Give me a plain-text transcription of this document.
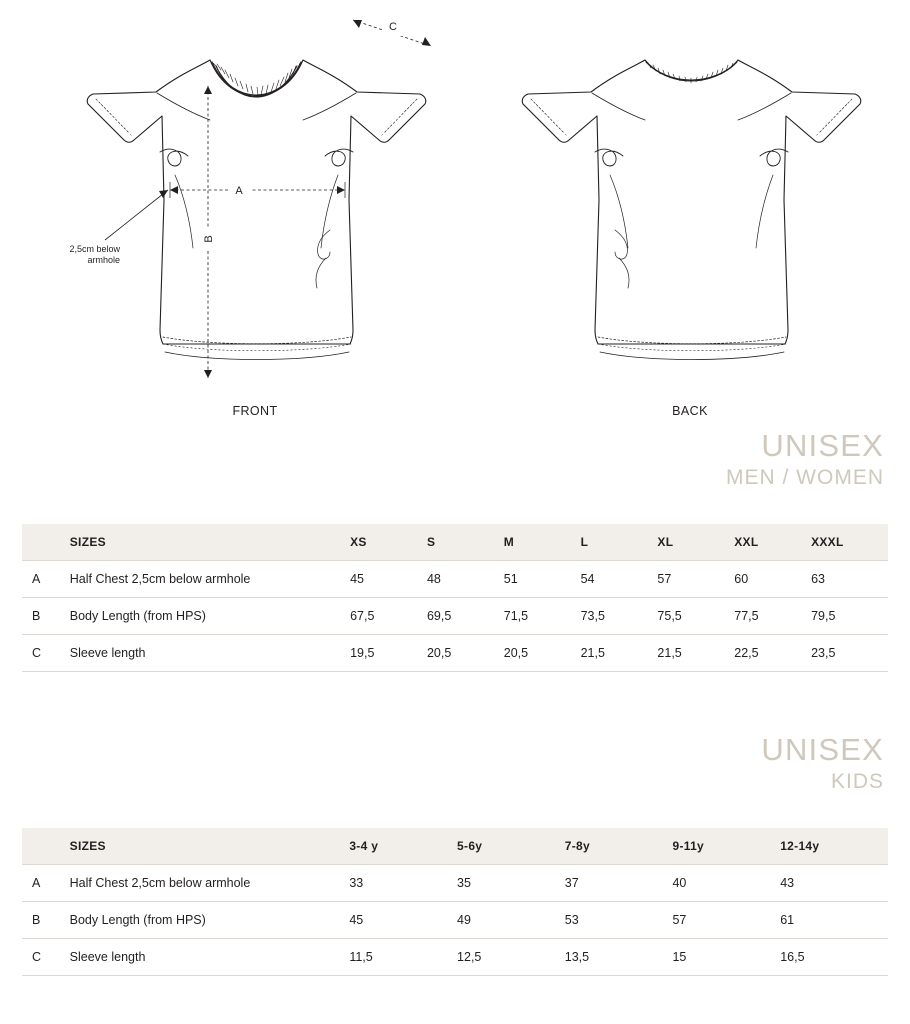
A
B
C
FRONT	BACK
2,5cm below
armhole
UNISEX
MEN / WOMEN
	SIZES	XS	S	M	L	XL	XXL	XXXL
A	Half Chest 2,5cm below armhole	45	48	51	54	57	60	63
B	Body Length (from HPS)	67,5	69,5	71,5	73,5	75,5	77,5	79,5
C	Sleeve length	19,5	20,5	20,5	21,5	21,5	22,5	23,5
UNISEX
KIDS
	SIZES	3-4 y	5-6y	7-8y	9-11y	12-14y
A	Half Chest 2,5cm below armhole	33	35	37	40	43
B	Body Length (from HPS)	45	49	53	57	61
C	Sleeve length	11,5	12,5	13,5	15	16,5
